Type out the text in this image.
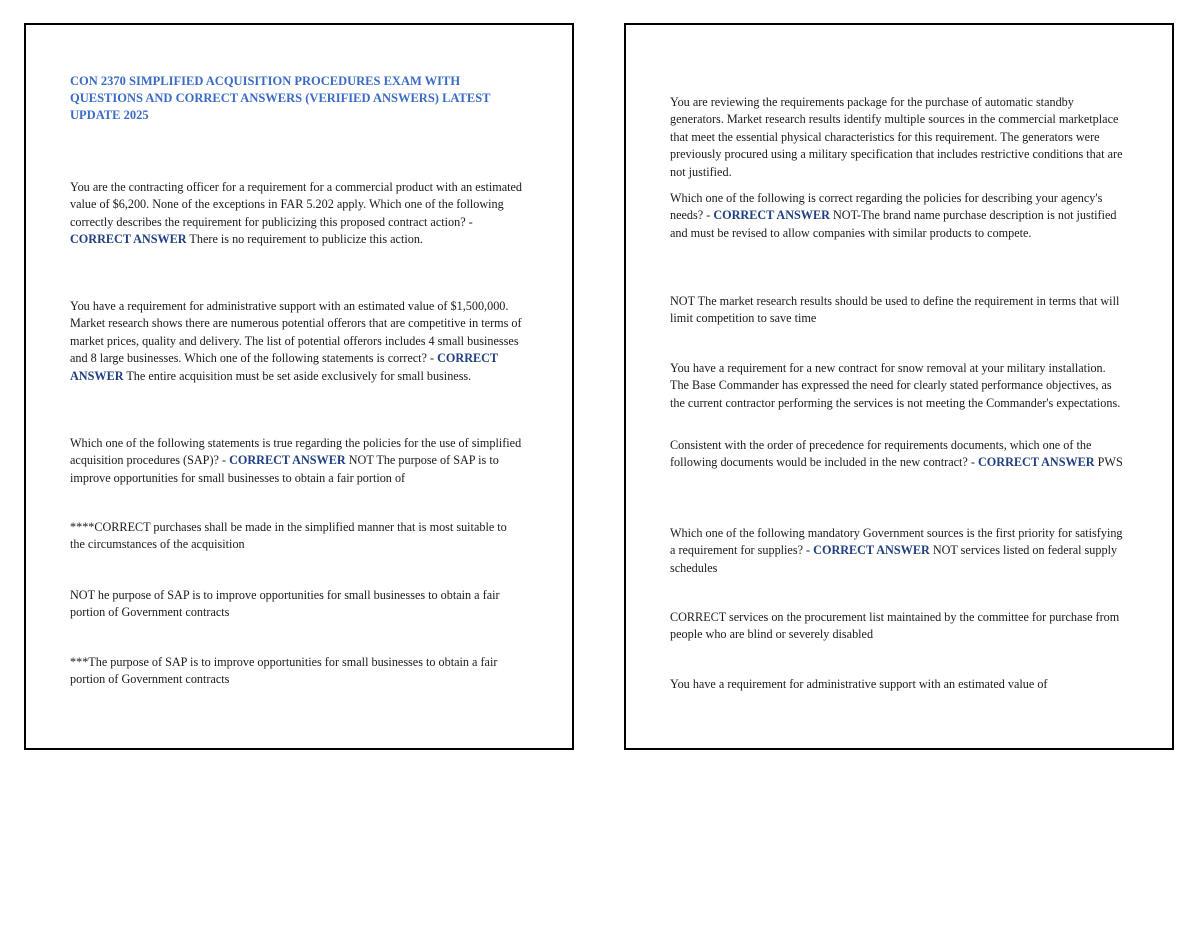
CON 2370 SIMPLIFIED ACQUISITION PROCEDURES EXAM WITH QUESTIONS AND CORRECT ANSWERS (VERIFIED ANSWERS) LATEST UPDATE 2025

You are the contracting officer for a requirement for a commercial product with an estimated value of $6,200. None of the exceptions in FAR 5.202 apply. Which one of the following correctly describes the requirement for publicizing this proposed contract action? - CORRECT ANSWER There is no requirement to publicize this action.

You have a requirement for administrative support with an estimated value of $1,500,000. Market research shows there are numerous potential offerors that are competitive in terms of market prices, quality and delivery. The list of potential offerors includes 4 small businesses and 8 large businesses. Which one of the following statements is correct? - CORRECT ANSWER The entire acquisition must be set aside exclusively for small business.

Which one of the following statements is true regarding the policies for the use of simplified acquisition procedures (SAP)? - CORRECT ANSWER NOT The purpose of SAP is to improve opportunities for small businesses to obtain a fair portion of

****CORRECT purchases shall be made in the simplified manner that is most suitable to the circumstances of the acquisition

NOT he purpose of SAP is to improve opportunities for small businesses to obtain a fair portion of Government contracts

***The purpose of SAP is to improve opportunities for small businesses to obtain a fair portion of Government contracts

You are reviewing the requirements package for the purchase of automatic standby generators. Market research results identify multiple sources in the commercial marketplace that meet the essential physical characteristics for this requirement. The generators were previously procured using a military specification that includes restrictive conditions that are not justified.

Which one of the following is correct regarding the policies for describing your agency's needs? - CORRECT ANSWER NOT-The brand name purchase description is not justified and must be revised to allow companies with similar products to compete.

NOT The market research results should be used to define the requirement in terms that will limit competition to save time

You have a requirement for a new contract for snow removal at your military installation. The Base Commander has expressed the need for clearly stated performance objectives, as the current contractor performing the services is not meeting the Commander's expectations.

Consistent with the order of precedence for requirements documents, which one of the following documents would be included in the new contract? - CORRECT ANSWER PWS

Which one of the following mandatory Government sources is the first priority for satisfying a requirement for supplies? - CORRECT ANSWER NOT services listed on federal supply schedules

CORRECT services on the procurement list maintained by the committee for purchase from people who are blind or severely disabled

You have a requirement for administrative support with an estimated value of
